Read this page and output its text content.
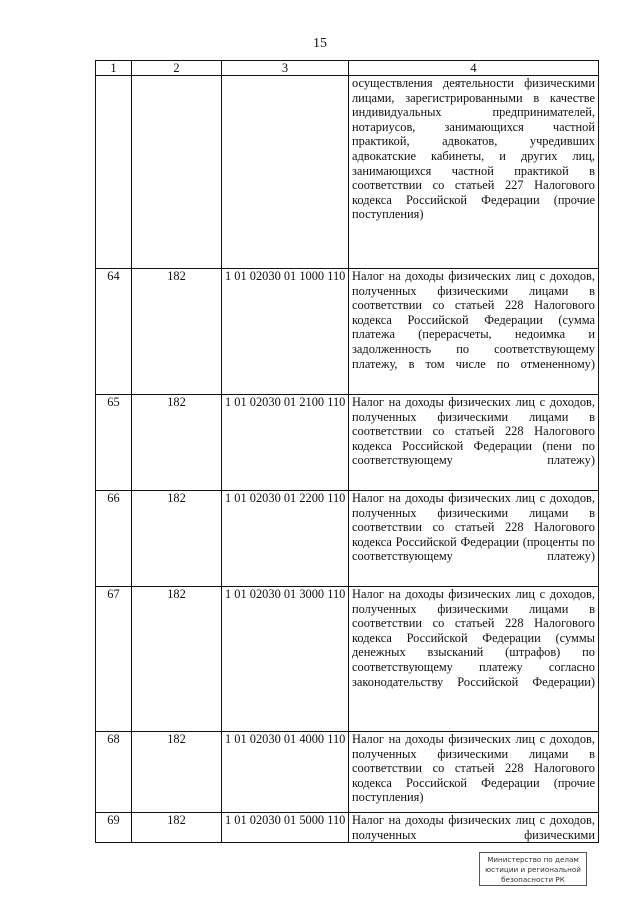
15
1	2	3	4
			осуществления деятельности физическими лицами, зарегистрированными в качестве индивидуальных предпринимателей, нотариусов, занимающихся частной практикой, адвокатов, учредивших адвокатские кабинеты, и других лиц, занимающихся частной практикой в соответствии со статьей 227 Налогового кодекса Российской Федерации (прочие поступления)
64	182	1 01 02030 01 1000 110	Налог на доходы физических лиц с доходов, полученных физическими лицами в соответствии со статьей 228 Налогового кодекса Российской Федерации (сумма платежа (перерасчеты, недоимка и задолженность по соответствующему платежу, в том числе по отмененному)
65	182	1 01 02030 01 2100 110	Налог на доходы физических лиц с доходов, полученных физическими лицами в соответствии со статьей 228 Налогового кодекса Российской Федерации (пени по соответствующему платежу)
66	182	1 01 02030 01 2200 110	Налог на доходы физических лиц с доходов, полученных физическими лицами в соответствии со статьей 228 Налогового кодекса Российской Федерации (проценты по соответствующему платежу)
67	182	1 01 02030 01 3000 110	Налог на доходы физических лиц с доходов, полученных физическими лицами в соответствии со статьей 228 Налогового кодекса Российской Федерации (суммы денежных взысканий (штрафов) по соответствующему платежу согласно законодательству Российской Федерации)
68	182	1 01 02030 01 4000 110	Налог на доходы физических лиц с доходов, полученных физическими лицами в соответствии со статьей 228 Налогового кодекса Российской Федерации (прочие поступления)
69	182	1 01 02030 01 5000 110	Налог на доходы физических лиц с доходов, полученных физическими
Министерство по делам
юстиции и региональной
безопасности РК
